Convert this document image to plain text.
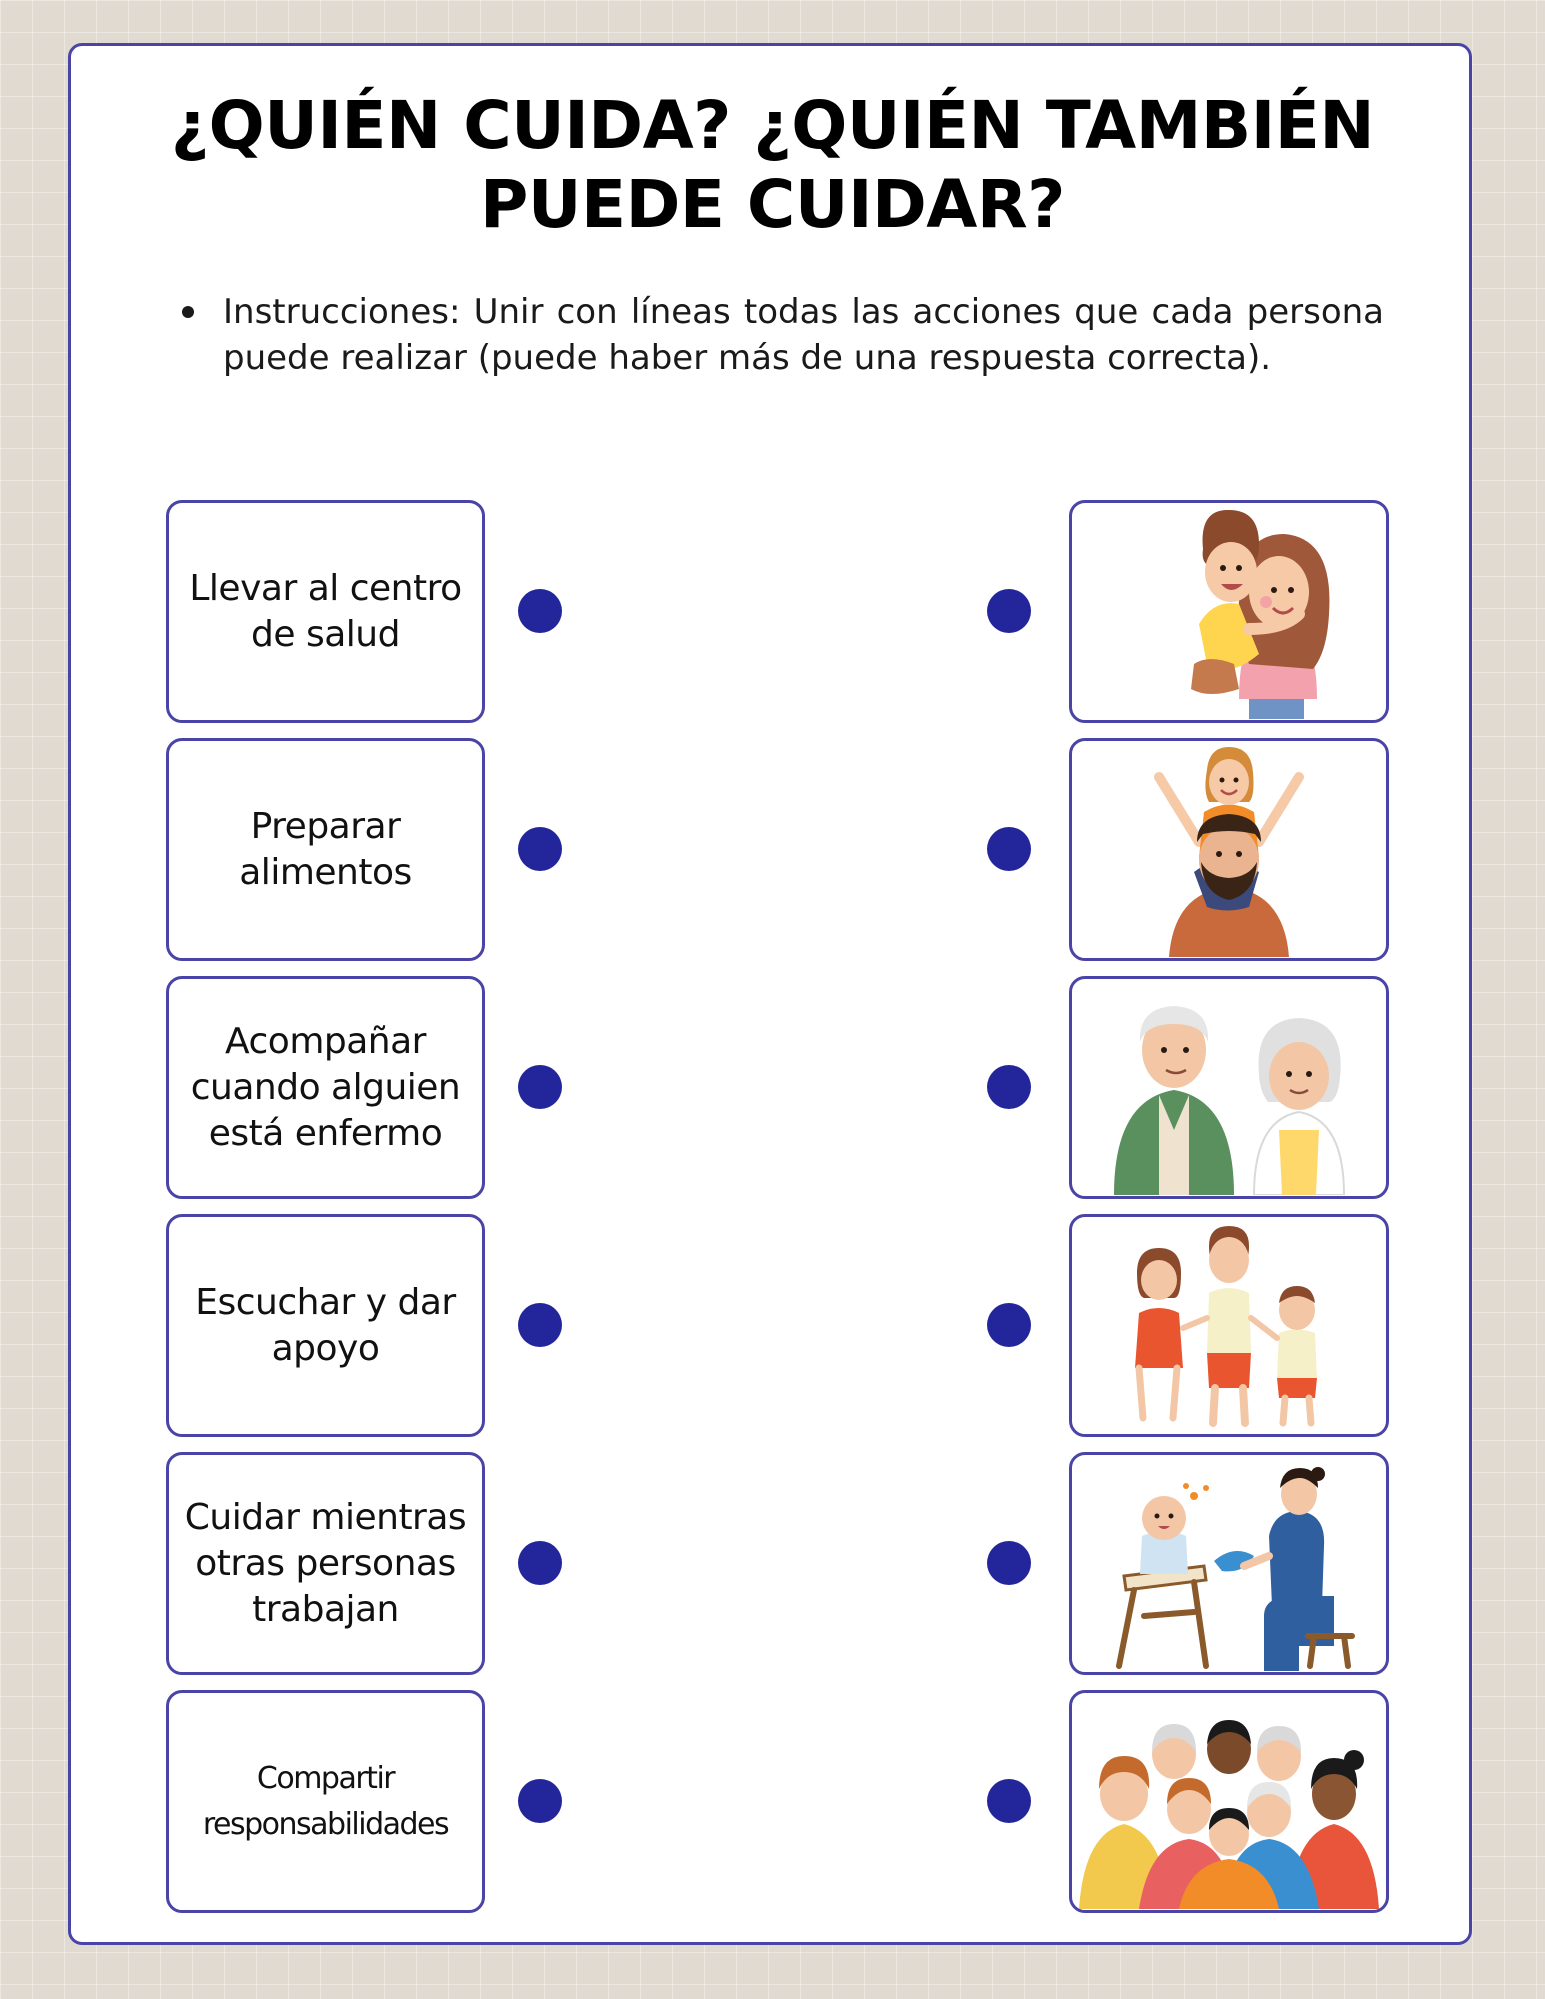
¿QUIÉN CUIDA? ¿QUIÉN TAMBIÉN PUEDE CUIDAR?
Instrucciones: Unir con líneas todas las acciones que cada persona puede realizar (puede haber más de una respuesta correcta).
Llevar al centro de salud
Preparar alimentos
Acompañar cuando alguien está enfermo
Escuchar y dar apoyo
Cuidar mientras otras personas trabajan
Compartir responsabilidades
